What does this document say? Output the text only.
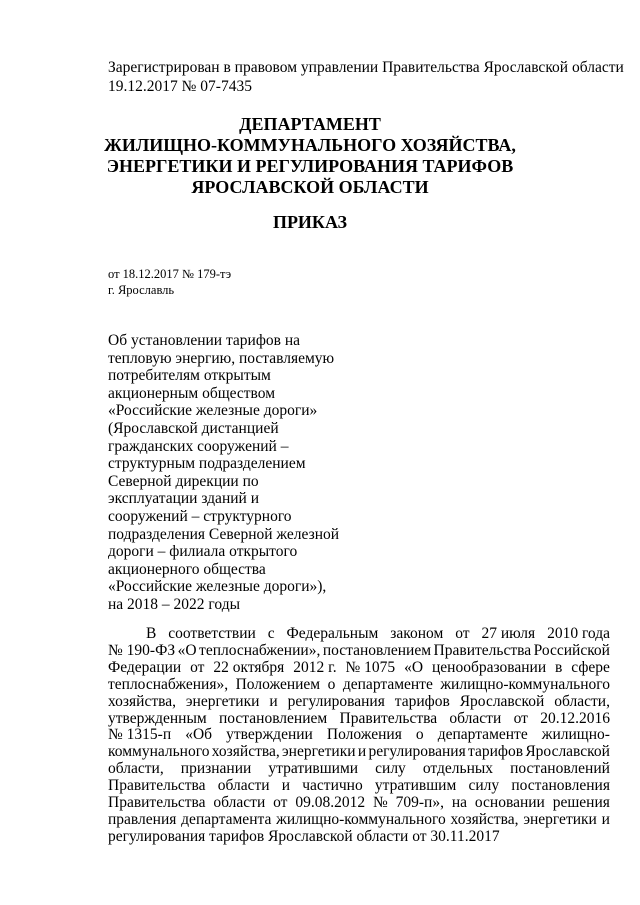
Зарегистрирован в правовом управлении Правительства Ярославской области
19.12.2017 № 07-7435
ДЕПАРТАМЕНТ
ЖИЛИЩНО-КОММУНАЛЬНОГО ХОЗЯЙСТВА,
ЭНЕРГЕТИКИ И РЕГУЛИРОВАНИЯ ТАРИФОВ
ЯРОСЛАВСКОЙ ОБЛАСТИ
ПРИКАЗ
от 18.12.2017 № 179-тэ
г. Ярославль
Об установлении тарифов на
тепловую энергию, поставляемую
потребителям открытым
акционерным обществом
«Российские железные дороги»
(Ярославской дистанцией
гражданских сооружений –
структурным подразделением
Северной дирекции по
эксплуатации зданий и
сооружений – структурного
подразделения Северной железной
дороги – филиала открытого
акционерного общества
«Российские железные дороги»),
на 2018 – 2022 годы
В соответствии с Федеральным законом от 27 июля 2010 года
№ 190-ФЗ «О теплоснабжении», постановлением Правительства Российской
Федерации от 22 октября 2012 г. № 1075 «О ценообразовании в сфере
теплоснабжения», Положением о департаменте жилищно-коммунального
хозяйства, энергетики и регулирования тарифов Ярославской области,
утвержденным постановлением Правительства области от 20.12.2016
№ 1315-п «Об утверждении Положения о департаменте жилищно-
коммунального хозяйства, энергетики и регулирования тарифов Ярославской
области, признании утратившими силу отдельных постановлений
Правительства области и частично утратившим силу постановления
Правительства области от 09.08.2012 № 709-п», на основании решения
правления департамента жилищно-коммунального хозяйства, энергетики и
регулирования тарифов Ярославской области от 30.11.2017
